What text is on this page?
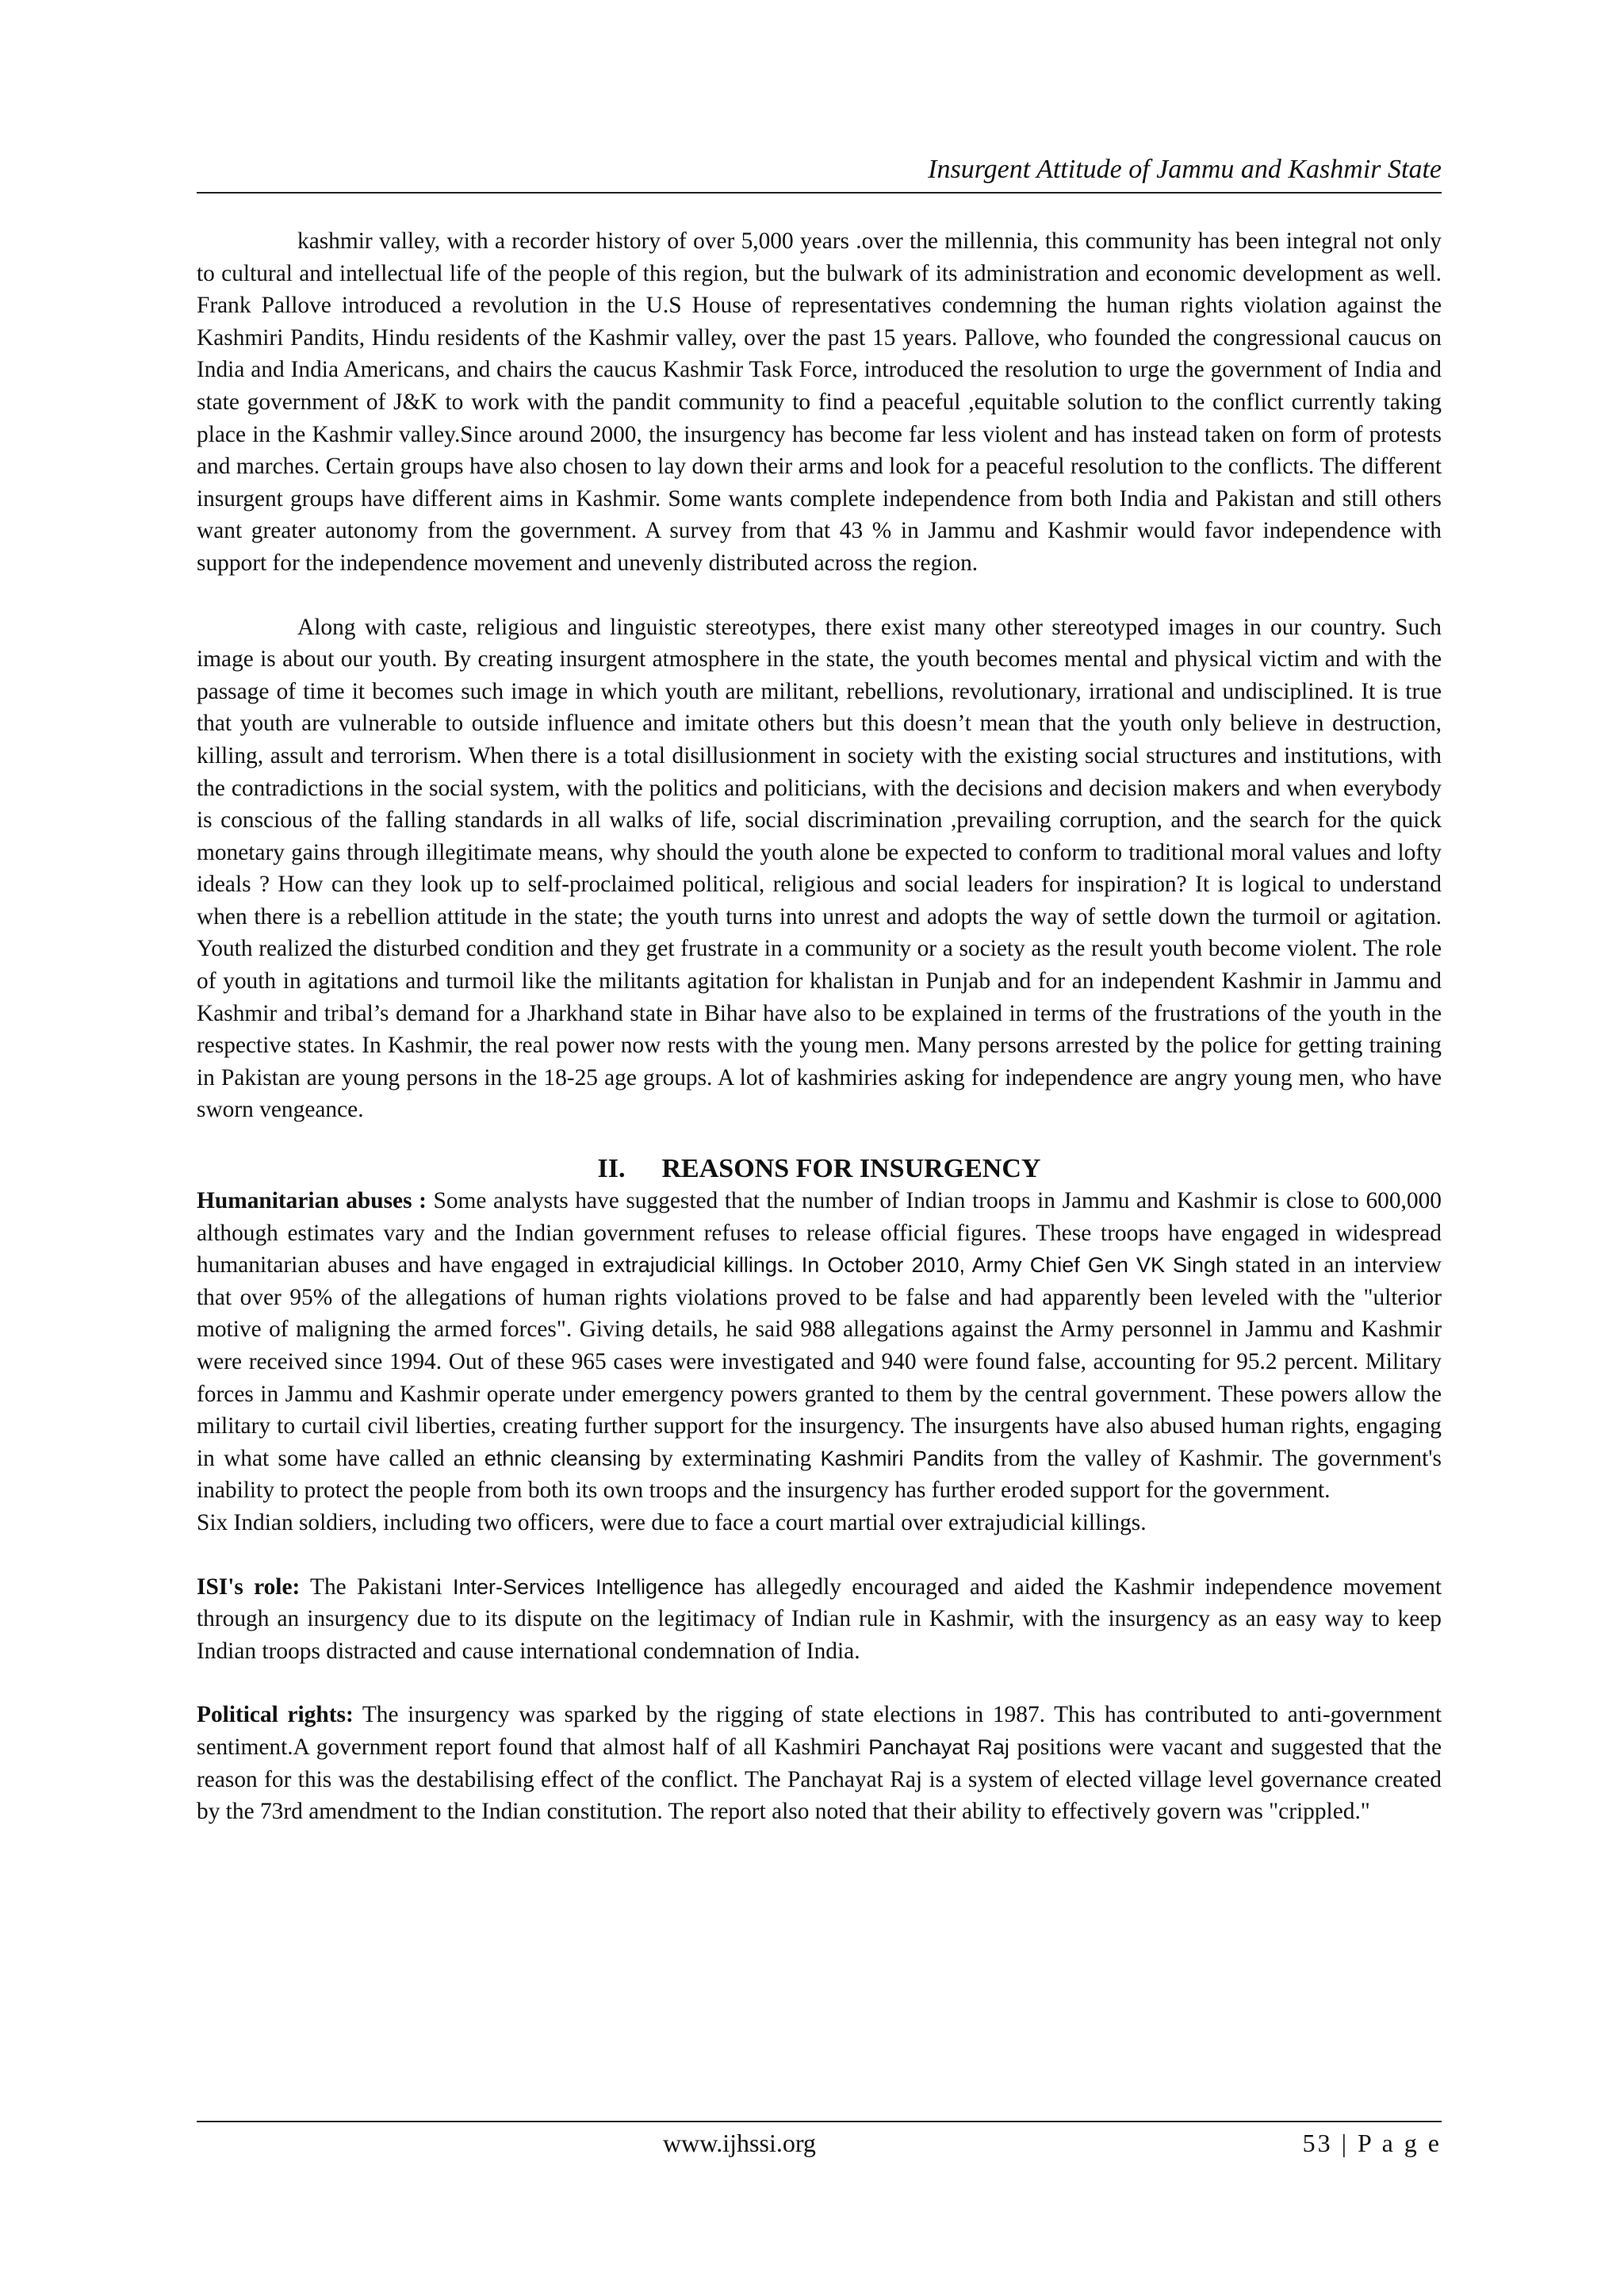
Insurgent Attitude of Jammu and Kashmir State

kashmir valley, with a recorder history of over 5,000 years .over the millennia, this community has been integral not only to cultural and intellectual life of the people of this region, but the bulwark of its administration and economic development as well. Frank Pallove introduced a revolution in the U.S House of representatives condemning the human rights violation against the Kashmiri Pandits, Hindu residents of the Kashmir valley, over the past 15 years. Pallove, who founded the congressional caucus on India and India Americans, and chairs the caucus Kashmir Task Force, introduced the resolution to urge the government of India and state government of J&K to work with the pandit community to find a peaceful ,equitable solution to the conflict currently taking place in the Kashmir valley.Since around 2000, the insurgency has become far less violent and has instead taken on form of protests and marches. Certain groups have also chosen to lay down their arms and look for a peaceful resolution to the conflicts. The different insurgent groups have different aims in Kashmir. Some wants complete independence from both India and Pakistan and still others want greater autonomy from the government. A survey from that 43 % in Jammu and Kashmir would favor independence with support for the independence movement and unevenly distributed across the region.

Along with caste, religious and linguistic stereotypes, there exist many other stereotyped images in our country. Such image is about our youth. By creating insurgent atmosphere in the state, the youth becomes mental and physical victim and with the passage of time it becomes such image in which youth are militant, rebellions, revolutionary, irrational and undisciplined. It is true that youth are vulnerable to outside influence and imitate others but this doesn’t mean that the youth only believe in destruction, killing, assult and terrorism. When there is a total disillusionment in society with the existing social structures and institutions, with the contradictions in the social system, with the politics and politicians, with the decisions and decision makers and when everybody is conscious of the falling standards in all walks of life, social discrimination ,prevailing corruption, and the search for the quick monetary gains through illegitimate means, why should the youth alone be expected to conform to traditional moral values and lofty ideals ? How can they look up to self-proclaimed political, religious and social leaders for inspiration? It is logical to understand when there is a rebellion attitude in the state; the youth turns into unrest and adopts the way of settle down the turmoil or agitation. Youth realized the disturbed condition and they get frustrate in a community or a society as the result youth become violent. The role of youth in agitations and turmoil like the militants agitation for khalistan in Punjab and for an independent Kashmir in Jammu and Kashmir and tribal’s demand for a Jharkhand state in Bihar have also to be explained in terms of the frustrations of the youth in the respective states. In Kashmir, the real power now rests with the young men. Many persons arrested by the police for getting training in Pakistan are young persons in the 18-25 age groups. A lot of kashmiries asking for independence are angry young men, who have sworn vengeance.

II. REASONS FOR INSURGENCY

Humanitarian abuses : Some analysts have suggested that the number of Indian troops in Jammu and Kashmir is close to 600,000 although estimates vary and the Indian government refuses to release official figures. These troops have engaged in widespread humanitarian abuses and have engaged in extrajudicial killings. In October 2010, Army Chief Gen VK Singh stated in an interview that over 95% of the allegations of human rights violations proved to be false and had apparently been leveled with the "ulterior motive of maligning the armed forces". Giving details, he said 988 allegations against the Army personnel in Jammu and Kashmir were received since 1994. Out of these 965 cases were investigated and 940 were found false, accounting for 95.2 percent. Military forces in Jammu and Kashmir operate under emergency powers granted to them by the central government. These powers allow the military to curtail civil liberties, creating further support for the insurgency. The insurgents have also abused human rights, engaging in what some have called an ethnic cleansing by exterminating Kashmiri Pandits from the valley of Kashmir. The government's inability to protect the people from both its own troops and the insurgency has further eroded support for the government.

Six Indian soldiers, including two officers, were due to face a court martial over extrajudicial killings.

ISI's role: The Pakistani Inter-Services Intelligence has allegedly encouraged and aided the Kashmir independence movement through an insurgency due to its dispute on the legitimacy of Indian rule in Kashmir, with the insurgency as an easy way to keep Indian troops distracted and cause international condemnation of India.

Political rights: The insurgency was sparked by the rigging of state elections in 1987. This has contributed to anti-government sentiment.A government report found that almost half of all Kashmiri Panchayat Raj positions were vacant and suggested that the reason for this was the destabilising effect of the conflict. The Panchayat Raj is a system of elected village level governance created by the 73rd amendment to the Indian constitution. The report also noted that their ability to effectively govern was "crippled."

www.ijhssi.org	53 | P a g e
